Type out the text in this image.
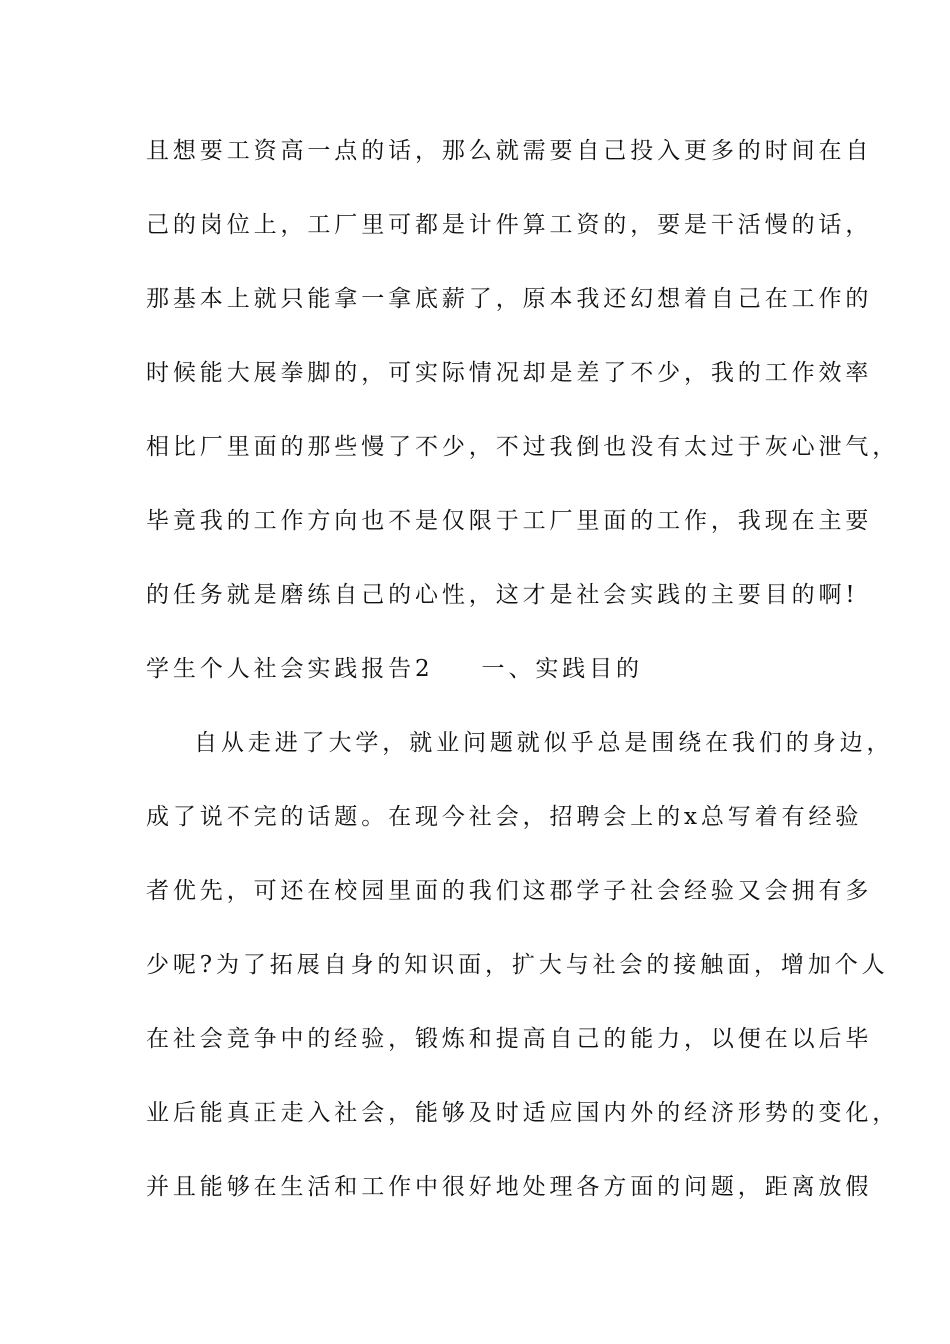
且想要工资高一点的话，那么就需要自己投入更多的时间在自
己的岗位上，工厂里可都是计件算工资的，要是干活慢的话，
那基本上就只能拿一拿底薪了，原本我还幻想着自己在工作的
时候能大展拳脚的，可实际情况却是差了不少，我的工作效率
相比厂里面的那些慢了不少，不过我倒也没有太过于灰心泄气，
毕竟我的工作方向也不是仅限于工厂里面的工作，我现在主要
的任务就是磨练自己的心性，这才是社会实践的主要目的啊!
学生个人社会实践报告2 一、实践目的
自从走进了大学，就业问题就似乎总是围绕在我们的身边，
成了说不完的话题。在现今社会，招聘会上的x总写着有经验
者优先，可还在校园里面的我们这郡学子社会经验又会拥有多
少呢?为了拓展自身的知识面，扩大与社会的接触面，增加个人
在社会竞争中的经验，锻炼和提高自己的能力，以便在以后毕
业后能真正走入社会，能够及时适应国内外的经济形势的变化，
并且能够在生活和工作中很好地处理各方面的问题，距离放假
